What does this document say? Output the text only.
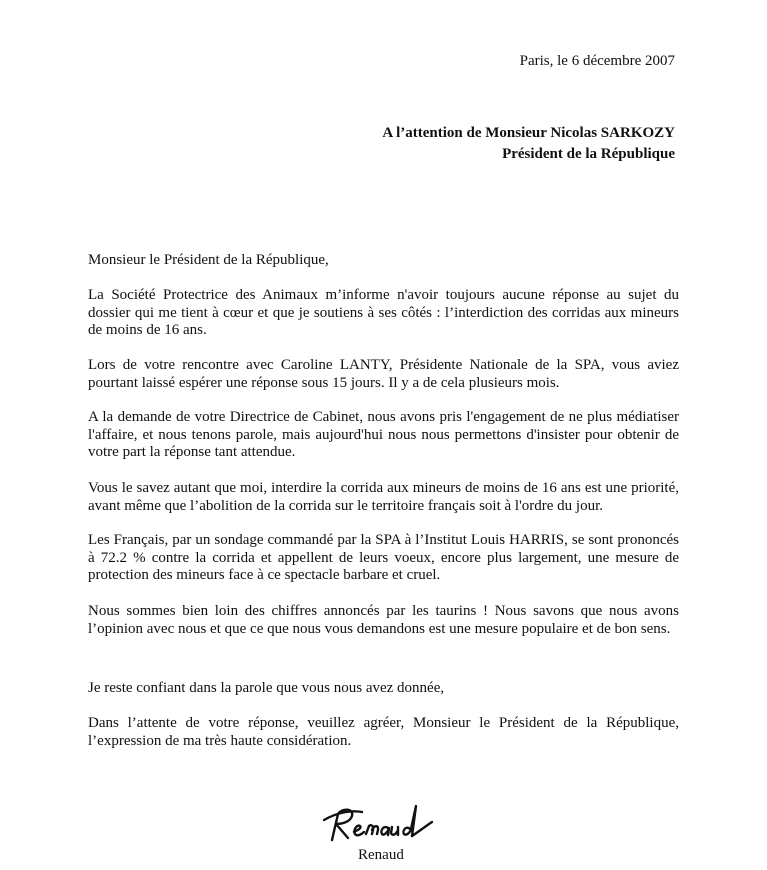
Paris, le 6 décembre 2007
A l’attention de Monsieur Nicolas SARKOZY
Président de la République
Monsieur le Président de la République,

La Société Protectrice des Animaux m’informe n'avoir toujours aucune réponse au sujet du dossier qui me tient à cœur et que je soutiens à ses côtés : l’interdiction des corridas aux mineurs de moins de 16 ans.

Lors de votre rencontre avec Caroline LANTY, Présidente Nationale de la SPA, vous aviez pourtant laissé espérer une réponse sous 15 jours. Il y a de cela plusieurs mois.

A la demande de votre Directrice de Cabinet, nous avons pris l'engagement de ne plus médiatiser l'affaire, et nous tenons parole, mais aujourd'hui nous nous permettons d'insister pour obtenir de votre part la réponse tant attendue.

Vous le savez autant que moi, interdire la corrida aux mineurs de moins de 16 ans est une priorité, avant même que l’abolition de la corrida sur le territoire français soit à l'ordre du jour.

Les Français, par un sondage commandé par la SPA à l’Institut Louis HARRIS, se sont prononcés à 72.2 % contre la corrida et appellent de leurs voeux, encore plus largement, une mesure de protection des mineurs face à ce spectacle barbare et cruel.

Nous sommes bien loin des chiffres annoncés par les taurins ! Nous savons que nous avons l’opinion avec nous et que ce que nous vous demandons est une mesure populaire et de bon sens.

Je reste confiant dans la parole que vous nous avez donnée,

Dans l’attente de votre réponse, veuillez agréer, Monsieur le Président de la République, l’expression de ma très haute considération.

Renaud
